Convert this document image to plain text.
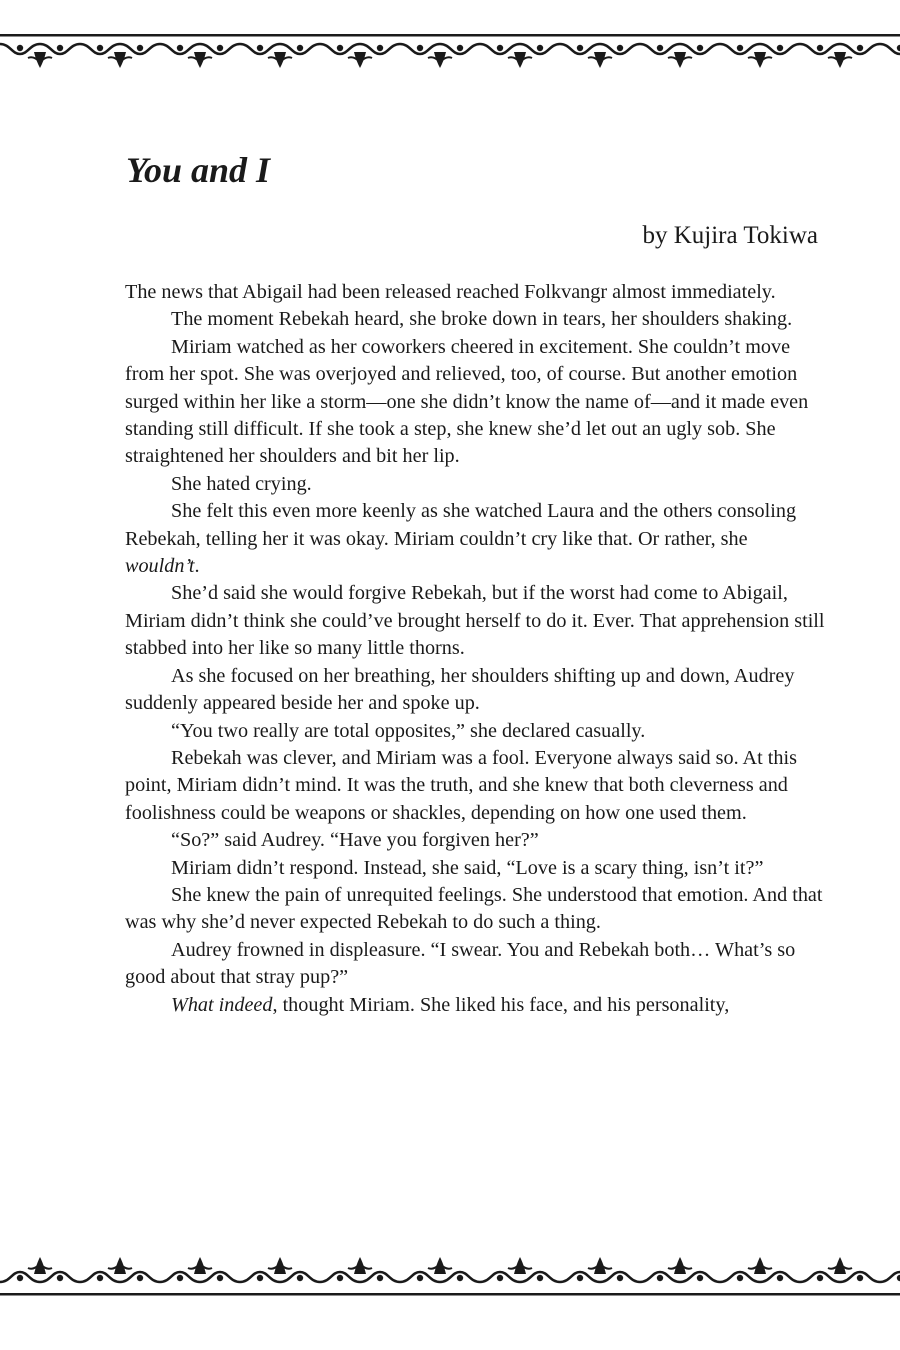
You and I

by Kujira Tokiwa

The news that Abigail had been released reached Folkvangr almost immediately.

The moment Rebekah heard, she broke down in tears, her shoulders shaking.

Miriam watched as her coworkers cheered in excitement. She couldn’t move from her spot. She was overjoyed and relieved, too, of course. But another emotion surged within her like a storm—one she didn’t know the name of—and it made even standing still difficult. If she took a step, she knew she’d let out an ugly sob. She straightened her shoulders and bit her lip.

She hated crying.

She felt this even more keenly as she watched Laura and the others consoling Rebekah, telling her it was okay. Miriam couldn’t cry like that. Or rather, she wouldn’t.

She’d said she would forgive Rebekah, but if the worst had come to Abigail, Miriam didn’t think she could’ve brought herself to do it. Ever. That apprehension still stabbed into her like so many little thorns.

As she focused on her breathing, her shoulders shifting up and down, Audrey suddenly appeared beside her and spoke up.

“You two really are total opposites,” she declared casually.

Rebekah was clever, and Miriam was a fool. Everyone always said so. At this point, Miriam didn’t mind. It was the truth, and she knew that both cleverness and foolishness could be weapons or shackles, depending on how one used them.

“So?” said Audrey. “Have you forgiven her?”

Miriam didn’t respond. Instead, she said, “Love is a scary thing, isn’t it?”

She knew the pain of unrequited feelings. She understood that emotion. And that was why she’d never expected Rebekah to do such a thing.

Audrey frowned in displeasure. “I swear. You and Rebekah both… What’s so good about that stray pup?”

What indeed, thought Miriam. She liked his face, and his personality,
